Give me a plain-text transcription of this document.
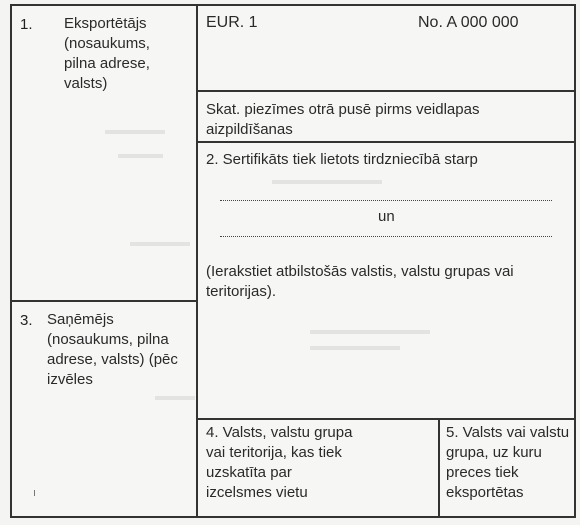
1. Eksportētājs
(nosaukums, pilna adrese, valsts)
EUR. 1	No. A 000 000
Skat. piezīmes otrā pusē pirms veidlapas aizpildīšanas
2. Sertifikāts tiek lietots tirdzniecībā starp
un
(Ierakstiet atbilstošās valstis, valstu grupas vai teritorijas).
3. Saņēmējs
(nosaukums, pilna adrese, valsts) (pēc izvēles
4. Valsts, valstu grupa vai teritorija, kas tiek uzskatīta par izcelsmes vietu
5. Valsts vai valstu grupa, uz kuru preces tiek eksportētas
